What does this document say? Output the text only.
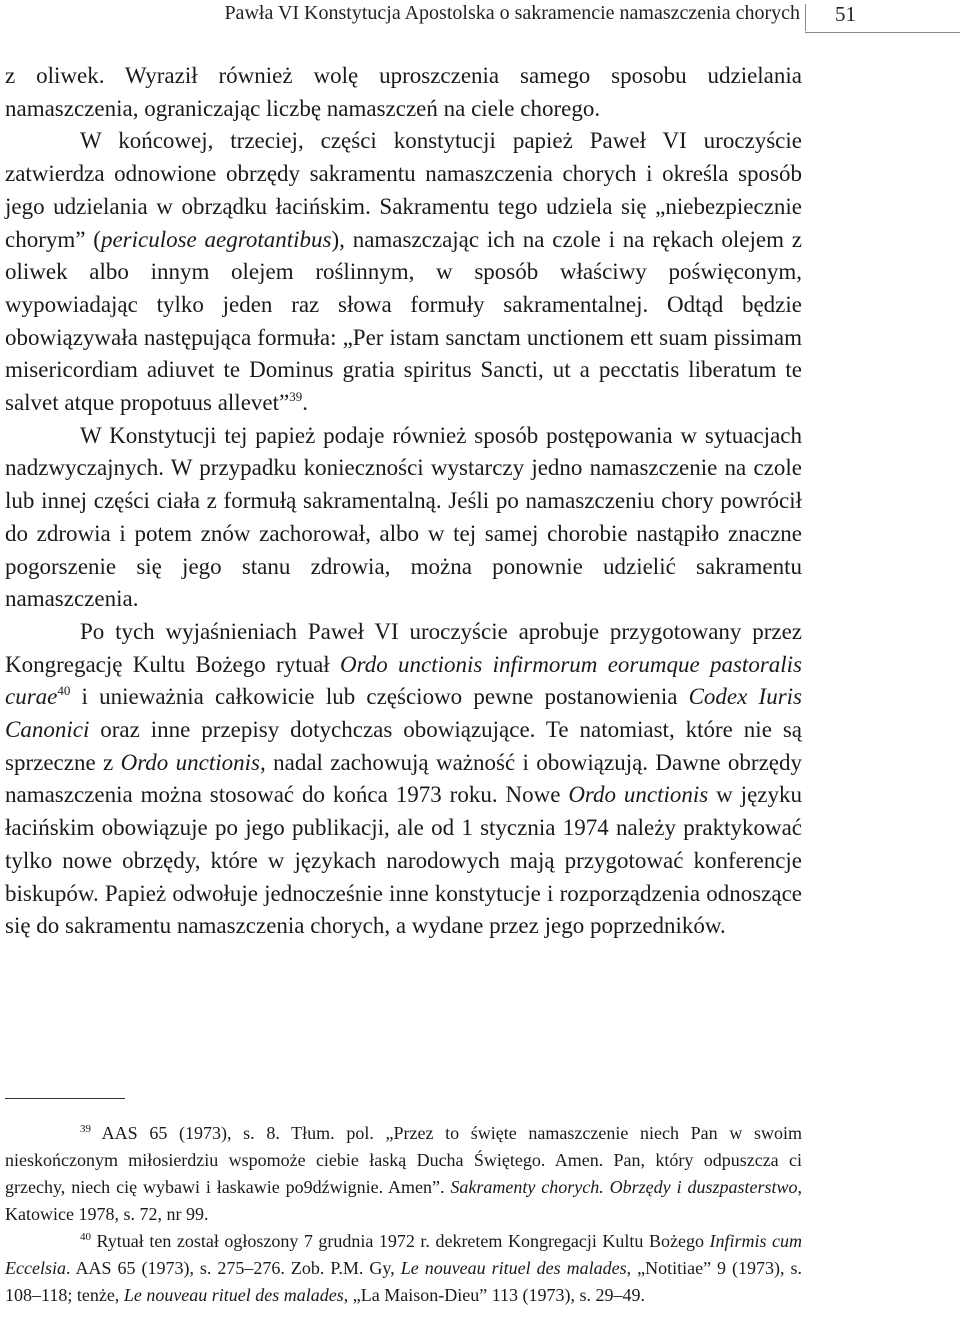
Pawła VI Konstytucja Apostolska o sakramencie namaszczenia chorych 51

z oliwek. Wyraził również wolę uproszczenia samego sposobu udzielania namaszczenia, ograniczając liczbę namaszczeń na ciele chorego.

W końcowej, trzeciej, części konstytucji papież Paweł VI uroczyście zatwierdza odnowione obrzędy sakramentu namaszczenia chorych i określa sposób jego udzielania w obrządku łacińskim. Sakramentu tego udziela się „niebezpiecznie chorym” (periculose aegrotantibus), namaszczając ich na czole i na rękach olejem z oliwek albo innym olejem roślinnym, w sposób właściwy poświęconym, wypowiadając tylko jeden raz słowa formuły sakramentalnej. Odtąd będzie obowiązywała następująca formuła: „Per istam sanctam unctionem ett suam pissimam misericordiam adiuvet te Dominus gratia spiritus Sancti, ut a pecctatis liberatum te salvet atque propotuus allevet”$^{39}$.

W Konstytucji tej papież podaje również sposób postępowania w sytuacjach nadzwyczajnych. W przypadku konieczności wystarczy jedno namaszczenie na czole lub innej części ciała z formułą sakramentalną. Jeśli po namaszczeniu chory powrócił do zdrowia i potem znów zachorował, albo w tej samej chorobie nastąpiło znaczne pogorszenie się jego stanu zdrowia, można ponownie udzielić sakramentu namaszczenia.

Po tych wyjaśnieniach Paweł VI uroczyście aprobuje przygotowany przez Kongregację Kultu Bożego rytuał Ordo unctionis infirmorum eorumque pastoralis curae$^{40}$ i unieważnia całkowicie lub częściowo pewne postanowienia Codex Iuris Canonici oraz inne przepisy dotychczas obowiązujące. Te natomiast, które nie są sprzeczne z Ordo unctionis, nadal zachowują ważność i obowiązują. Dawne obrzędy namaszczenia można stosować do końca 1973 roku. Nowe Ordo unctionis w języku łacińskim obowiązuje po jego publikacji, ale od 1 stycznia 1974 należy praktykować tylko nowe obrzędy, które w językach narodowych mają przygotować konferencje biskupów. Papież odwołuje jednocześnie inne konstytucje i rozporządzenia odnoszące się do sakramentu namaszczenia chorych, a wydane przez jego poprzedników.

$^{39}$ AAS 65 (1973), s. 8. Tłum. pol. „Przez to święte namaszczenie niech Pan w swoim nieskończonym miłosierdziu wspomoże ciebie łaską Ducha Świętego. Amen. Pan, który odpuszcza ci grzechy, niech cię wybawi i łaskawie po9dźwignie. Amen”. Sakramenty chorych. Obrzędy i duszpasterstwo, Katowice 1978, s. 72, nr 99.

$^{40}$ Rytuał ten został ogłoszony 7 grudnia 1972 r. dekretem Kongregacji Kultu Bożego Infirmis cum Eccelsia. AAS 65 (1973), s. 275–276. Zob. P.M. Gy, Le nouveau rituel des malades, „Notitiae” 9 (1973), s. 108–118; tenże, Le nouveau rituel des malades, „La Maison-Dieu” 113 (1973), s. 29–49.
